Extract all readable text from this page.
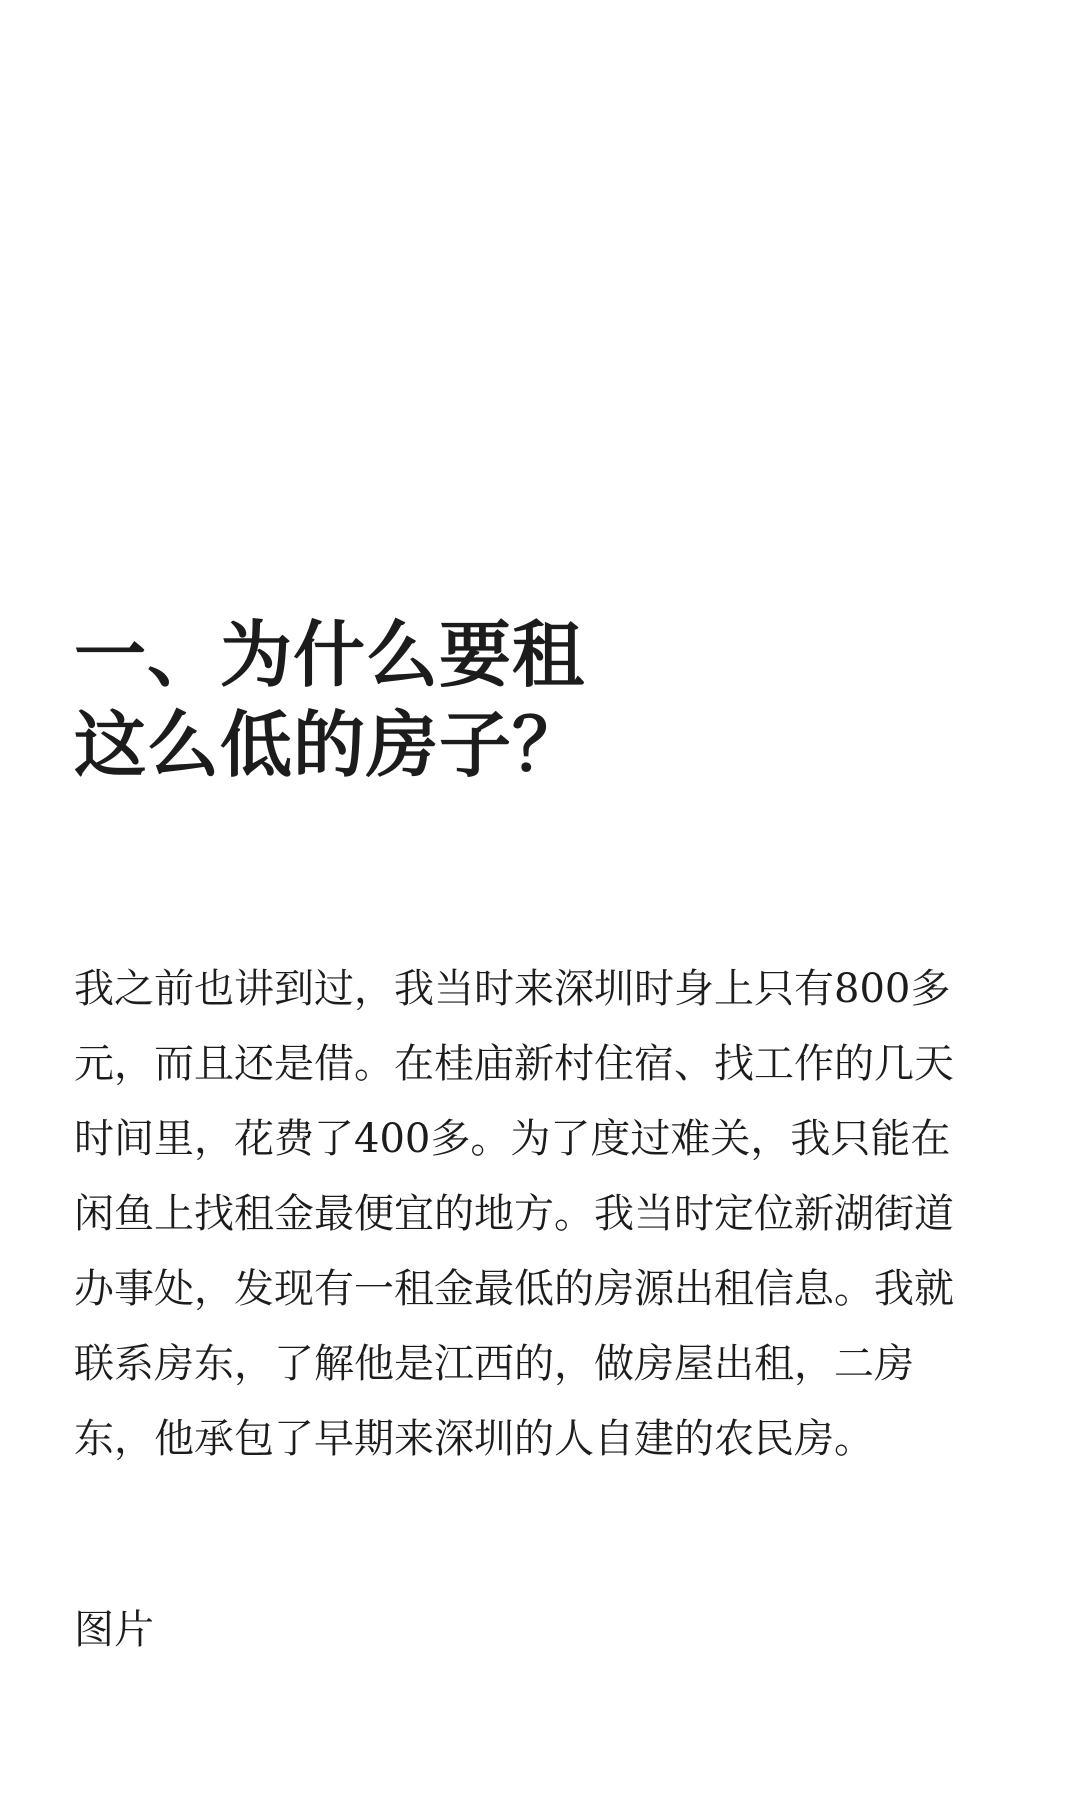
一、为什么要租
这么低的房子？

我之前也讲到过，我当时来深圳时身上只有800多
元，而且还是借。在桂庙新村住宿、找工作的几天
时间里，花费了400多。为了度过难关，我只能在
闲鱼上找租金最便宜的地方。我当时定位新湖街道
办事处，发现有一租金最低的房源出租信息。我就
联系房东，了解他是江西的，做房屋出租，二房
东，他承包了早期来深圳的人自建的农民房。

图片
